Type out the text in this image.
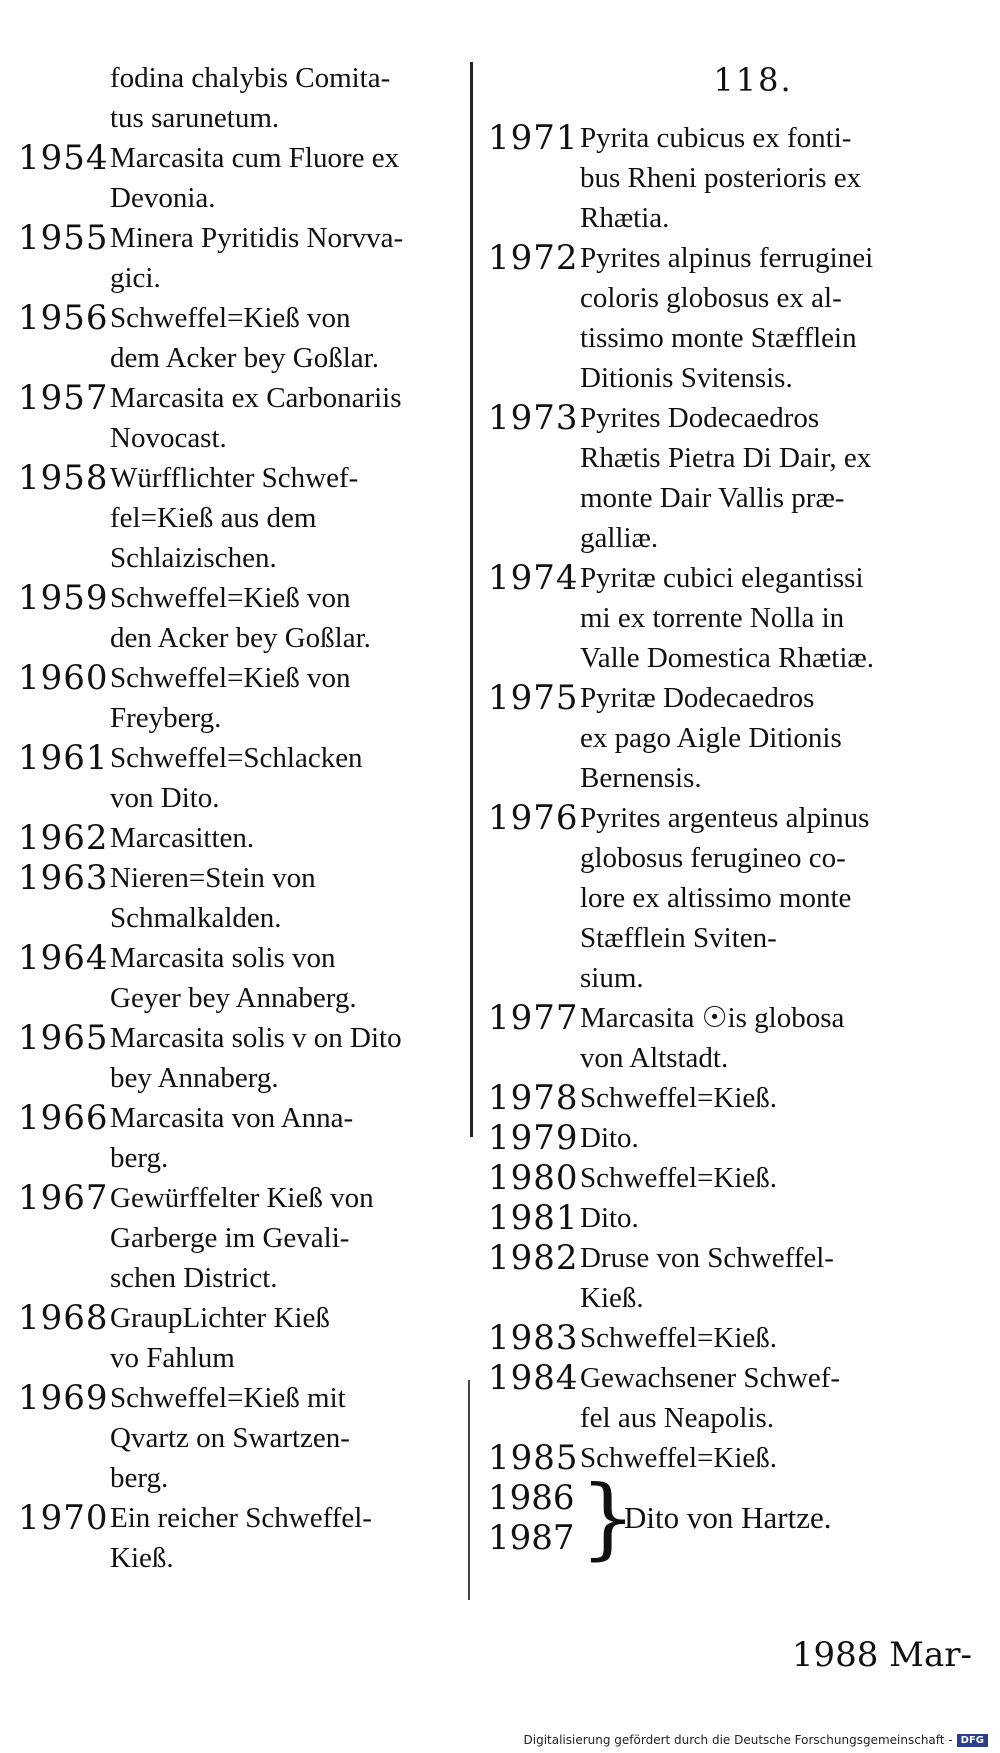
fodina chalybis Comita-
tus sarunetum.
1954 Marcasita cum Fluore ex
Devonia.
1955 Minera Pyritidis Norvva-
gici.
1956 Schweffel=Kieß von
dem Acker bey Goßlar.
1957 Marcasita ex Carbonariis
Novocast.
1958 Würfflichter Schwef-
fel=Kieß aus dem
Schlaizischen.
1959 Schweffel=Kieß von
den Acker bey Goßlar.
1960 Schweffel=Kieß von
Freyberg.
1961 Schweffel=Schlacken
von Dito.
1962 Marcasitten.
1963 Nieren=Stein von
Schmalkalden.
1964 Marcasita solis von
Geyer bey Annaberg.
1965 Marcasita solis v on Dito
bey Annaberg.
1966 Marcasita von Anna-
berg.
1967 Gewürffelter Kieß von
Garberge im Gevali-
schen District.
1968 GraupLichter Kieß
vo Fahlum
1969 Schweffel=Kieß mit
Qvartz on Swartzen-
berg.
1970 Ein reicher Schweffel-
Kieß.
118.
1971 Pyrita cubicus ex fonti-
bus Rheni posterioris ex
Rhætia.
1972 Pyrites alpinus ferruginei
coloris globosus ex al-
tissimo monte Stæfflein
Ditionis Svitensis.
1973 Pyrites Dodecaedros
Rhætis Pietra Di Dair, ex
monte Dair Vallis præ-
galliæ.
1974 Pyritæ cubici elegantissi
mi ex torrente Nolla in
Valle Domestica Rhætiæ.
1975 Pyritæ Dodecaedros
ex pago Aigle Ditionis
Bernensis.
1976 Pyrites argenteus alpinus
globosus ferugineo co-
lore ex altissimo monte
Stæfflein Sviten-
sium.
1977 Marcasita ☉is globosa
von Altstadt.
1978 Schweffel=Kieß.
1979 Dito.
1980 Schweffel=Kieß.
1981 Dito.
1982 Druse von Schweffel-
Kieß.
1983 Schweffel=Kieß.
1984 Gewachsener Schwef-
fel aus Neapolis.
1985 Schweffel=Kieß.
1986
1987 }
Dito von Hartze.
1988 Mar-
Digitalisierung gefördert durch die Deutsche Forschungsgemeinschaft - DFG
